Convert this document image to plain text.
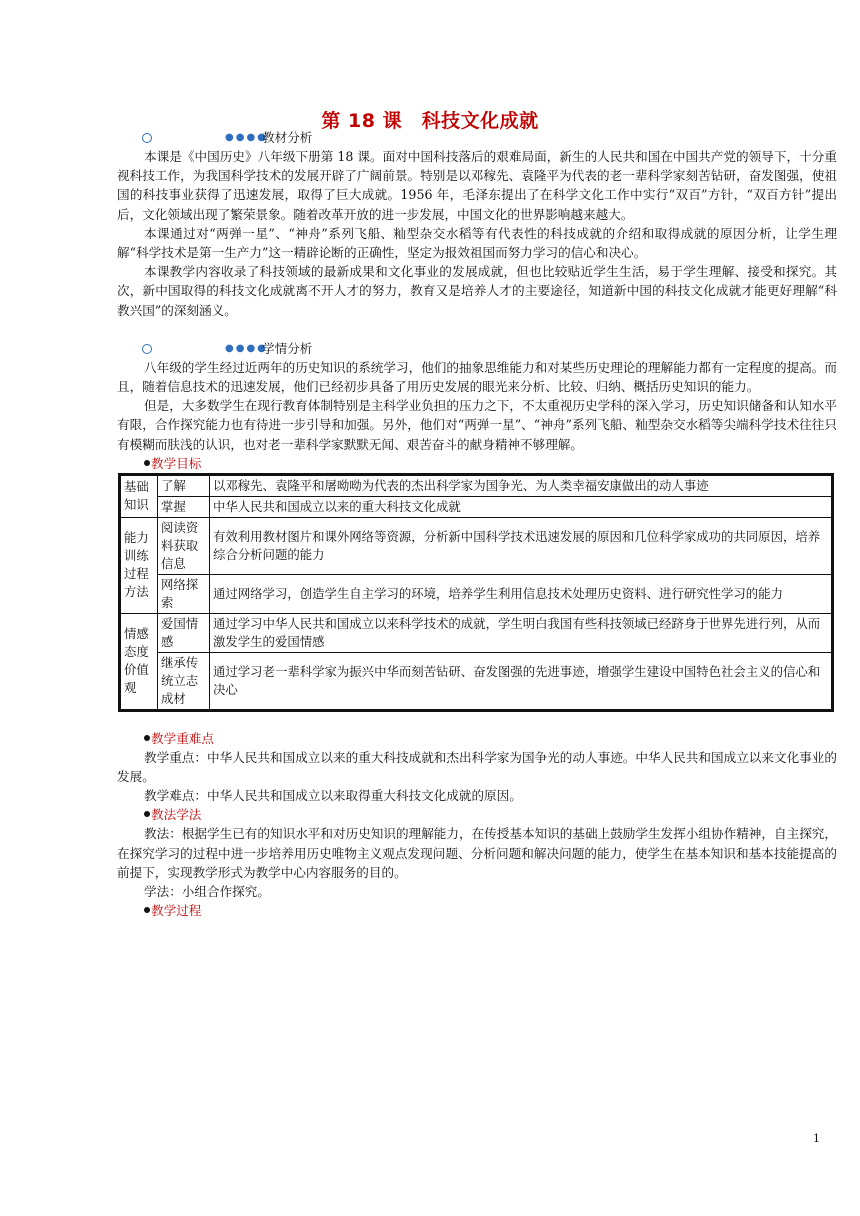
第 18 课　科技文化成就
●●●●
教材分析

本课是《中国历史》八年级下册第 18 课。面对中国科技落后的艰难局面，新生的人民共和国在中国共产党的领导下，十分重视科技工作，为我国科学技术的发展开辟了广阔前景。特别是以邓稼先、袁隆平为代表的老一辈科学家刻苦钻研，奋发图强，使祖国的科技事业获得了迅速发展，取得了巨大成就。1956 年，毛泽东提出了在科学文化工作中实行“双百”方针，“双百方针”提出后，文化领域出现了繁荣景象。随着改革开放的进一步发展，中国文化的世界影响越来越大。

本课通过对“两弹一星”、“神舟”系列飞船、籼型杂交水稻等有代表性的科技成就的介绍和取得成就的原因分析，让学生理解“科学技术是第一生产力”这一精辟论断的正确性，坚定为报效祖国而努力学习的信心和决心。

本课教学内容收录了科技领域的最新成果和文化事业的发展成就，但也比较贴近学生生活，易于学生理解、接受和探究。其次，新中国取得的科技文化成就离不开人才的努力，教育又是培养人才的主要途径，知道新中国的科技文化成就才能更好理解“科教兴国”的深刻涵义。

●●●●
学情分析

八年级的学生经过近两年的历史知识的系统学习，他们的抽象思维能力和对某些历史理论的理解能力都有一定程度的提高。而且，随着信息技术的迅速发展，他们已经初步具备了用历史发展的眼光来分析、比较、归纳、概括历史知识的能力。

但是，大多数学生在现行教育体制特别是主科学业负担的压力之下，不太重视历史学科的深入学习，历史知识储备和认知水平有限，合作探究能力也有待进一步引导和加强。另外，他们对“两弹一星”、“神舟”系列飞船、籼型杂交水稻等尖端科学技术往往只有模糊而肤浅的认识，也对老一辈科学家默默无闻、艰苦奋斗的献身精神不够理解。

教学目标
基础知识	了解	以邓稼先、袁隆平和屠呦呦为代表的杰出科学家为国争光、为人类幸福安康做出的动人事迹
	掌握	中华人民共和国成立以来的重大科技文化成就
能力训练过程方法	阅读资料获取信息	有效利用教材图片和课外网络等资源，分析新中国科学技术迅速发展的原因和几位科学家成功的共同原因，培养综合分析问题的能力
	网络探索	通过网络学习，创造学生自主学习的环境，培养学生利用信息技术处理历史资料、进行研究性学习的能力
情感态度价值观	爱国情感	通过学习中华人民共和国成立以来科学技术的成就，学生明白我国有些科技领域已经跻身于世界先进行列，从而激发学生的爱国情感
	继承传统立志成材	通过学习老一辈科学家为振兴中华而刻苦钻研、奋发图强的先进事迹，增强学生建设中国特色社会主义的信心和决心
教学重难点

教学重点：中华人民共和国成立以来的重大科技成就和杰出科学家为国争光的动人事迹。中华人民共和国成立以来文化事业的发展。

教学难点：中华人民共和国成立以来取得重大科技文化成就的原因。

教法学法

教法：根据学生已有的知识水平和对历史知识的理解能力，在传授基本知识的基础上鼓励学生发挥小组协作精神，自主探究，在探究学习的过程中进一步培养用历史唯物主义观点发现问题、分析问题和解决问题的能力，使学生在基本知识和基本技能提高的前提下，实现教学形式为教学中心内容服务的目的。

学法：小组合作探究。

教学过程
1
